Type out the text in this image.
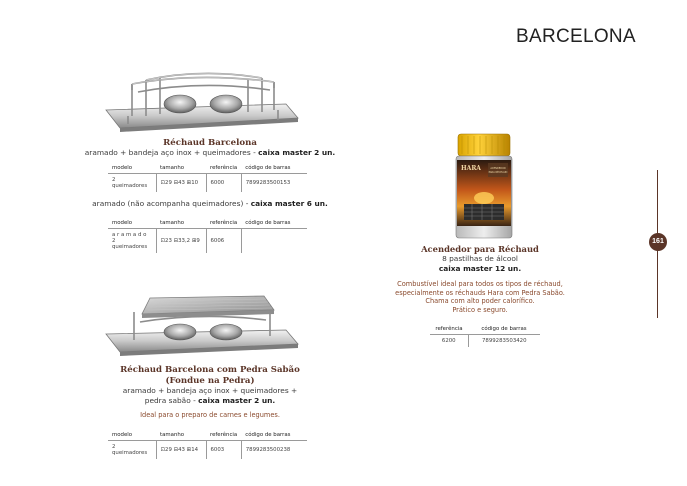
BARCELONA
161
Réchaud Barcelona
aramado + bandeja aço inox + queimadores - caixa master 2 un.
modelo	tamanho	referência	código de barras
2 queimadores	⊡29 ⊟43 ⊞10	6000	7899283500153
aramado (não acompanha queimadores) - caixa master 6 un.
modelo	tamanho	referência	código de barras

a r a m a d o
2 queimadores	⊡23 ⊟33,2 ⊞9	6006	
Réchaud Barcelona com Pedra Sabão
(Fondue na Pedra)
aramado + bandeja aço inox + queimadores +
pedra sabão - caixa master 2 un.
Ideal para o preparo de carnes e legumes.
modelo	tamanho	referência	código de barras
2 queimadores	⊡29 ⊟43 ⊞14	6003	7899283500238
HARA	ACENDEDOR
PARA RÉCHAUD
Acendedor para Réchaud
8 pastilhas de álcool
caixa master 12 un.
Combustível ideal para todos os tipos de réchaud,
especialmente os réchauds Hara com Pedra Sabão.
Chama com alto poder calorífico.
Prático e seguro.
referência	código de barras
6200	7899283503420
